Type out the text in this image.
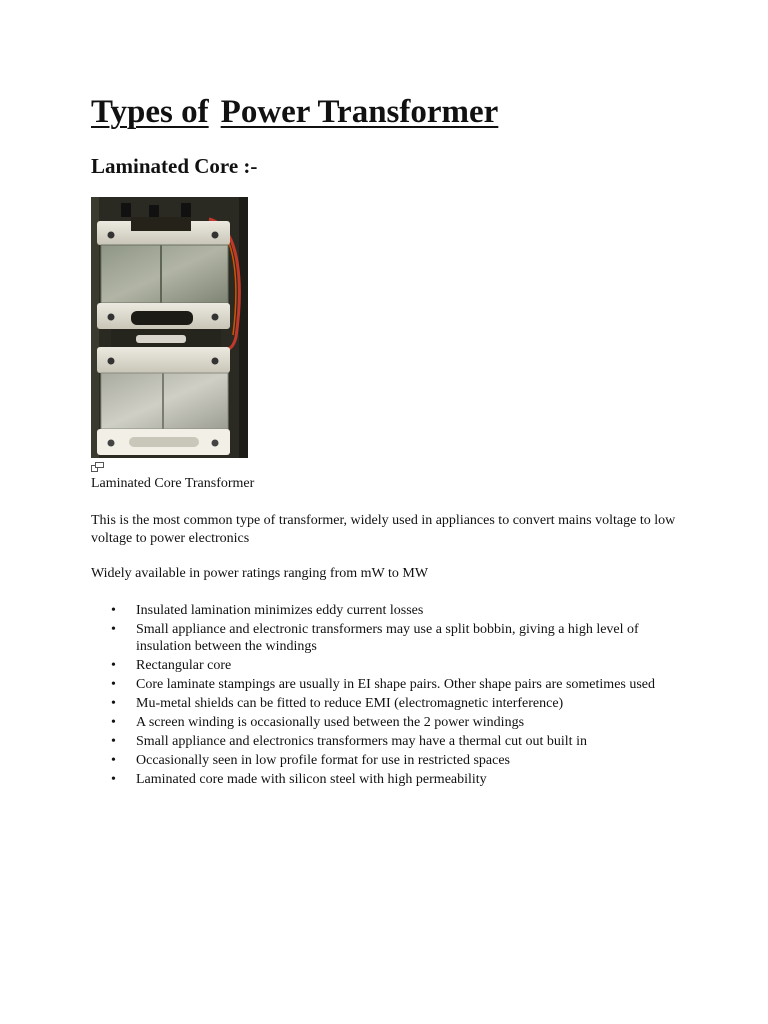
Types of Power Transformer
Laminated Core :-
Laminated Core Transformer
This is the most common type of transformer, widely used in appliances to convert mains voltage to low voltage to power electronics
Widely available in power ratings ranging from mW to MW
• Insulated lamination minimizes eddy current losses
• Small appliance and electronic transformers may use a split bobbin, giving a high level of insulation between the windings
• Rectangular core
• Core laminate stampings are usually in EI shape pairs. Other shape pairs are sometimes used
• Mu-metal shields can be fitted to reduce EMI (electromagnetic interference)
• A screen winding is occasionally used between the 2 power windings
• Small appliance and electronics transformers may have a thermal cut out built in
• Occasionally seen in low profile format for use in restricted spaces
• Laminated core made with silicon steel with high permeability
